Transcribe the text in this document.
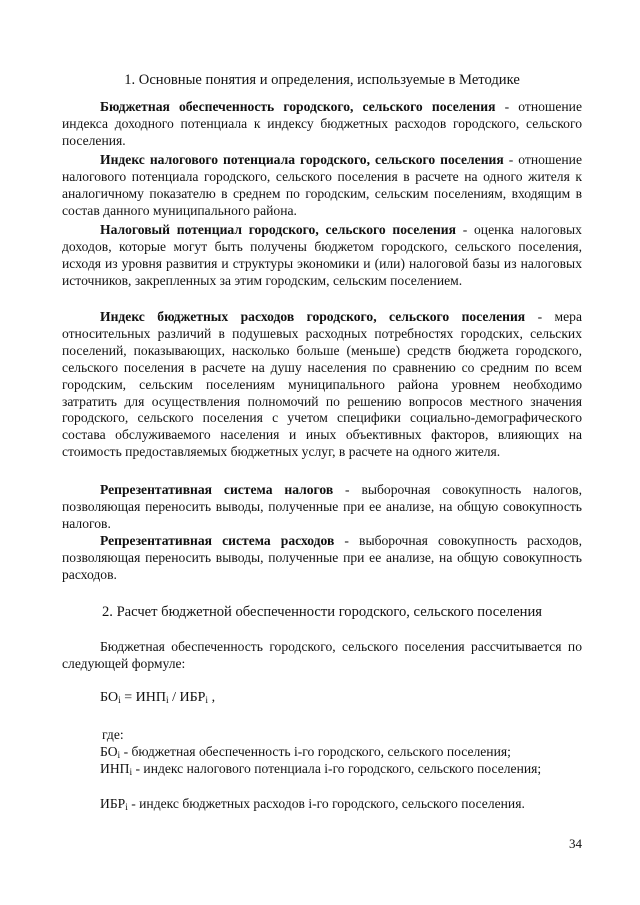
1. Основные понятия и определения, используемые в Методике

Бюджетная обеспеченность городского, сельского поселения - отношение индекса доходного потенциала к индексу бюджетных расходов городского, сельского поселения.

Индекс налогового потенциала городского, сельского поселения - отношение налогового потенциала городского, сельского поселения в расчете на одного жителя к аналогичному показателю в среднем по городским, сельским поселениям, входящим в состав данного муниципального района.

Налоговый потенциал городского, сельского поселения - оценка налоговых доходов, которые могут быть получены бюджетом городского, сельского поселения, исходя из уровня развития и структуры экономики и (или) налоговой базы из налоговых источников, закрепленных за этим городским, сельским поселением.

Индекс бюджетных расходов городского, сельского поселения - мера относительных различий в подушевых расходных потребностях городских, сельских поселений, показывающих, насколько больше (меньше) средств бюджета городского, сельского поселения в расчете на душу населения по сравнению со средним по всем городским, сельским поселениям муниципального района уровнем необходимо затратить для осуществления полномочий по решению вопросов местного значения городского, сельского поселения с учетом специфики социально-демографического состава обслуживаемого населения и иных объективных факторов, влияющих на стоимость предоставляемых бюджетных услуг, в расчете на одного жителя.

Репрезентативная система налогов - выборочная совокупность налогов, позволяющая переносить выводы, полученные при ее анализе, на общую совокупность налогов.

Репрезентативная система расходов - выборочная совокупность расходов, позволяющая переносить выводы, полученные при ее анализе, на общую совокупность расходов.

2. Расчет бюджетной обеспеченности городского, сельского поселения

Бюджетная обеспеченность городского, сельского поселения рассчитывается по следующей формуле:

$БО_i = ИНП_i / ИБР_i$ ,
где:

$БО_i$ - бюджетная обеспеченность i-го городского, сельского поселения;

$ИНП_i$ - индекс налогового потенциала i-го городского, сельского поселения;

$ИБР_i$ - индекс бюджетных расходов i-го городского, сельского поселения.

34
